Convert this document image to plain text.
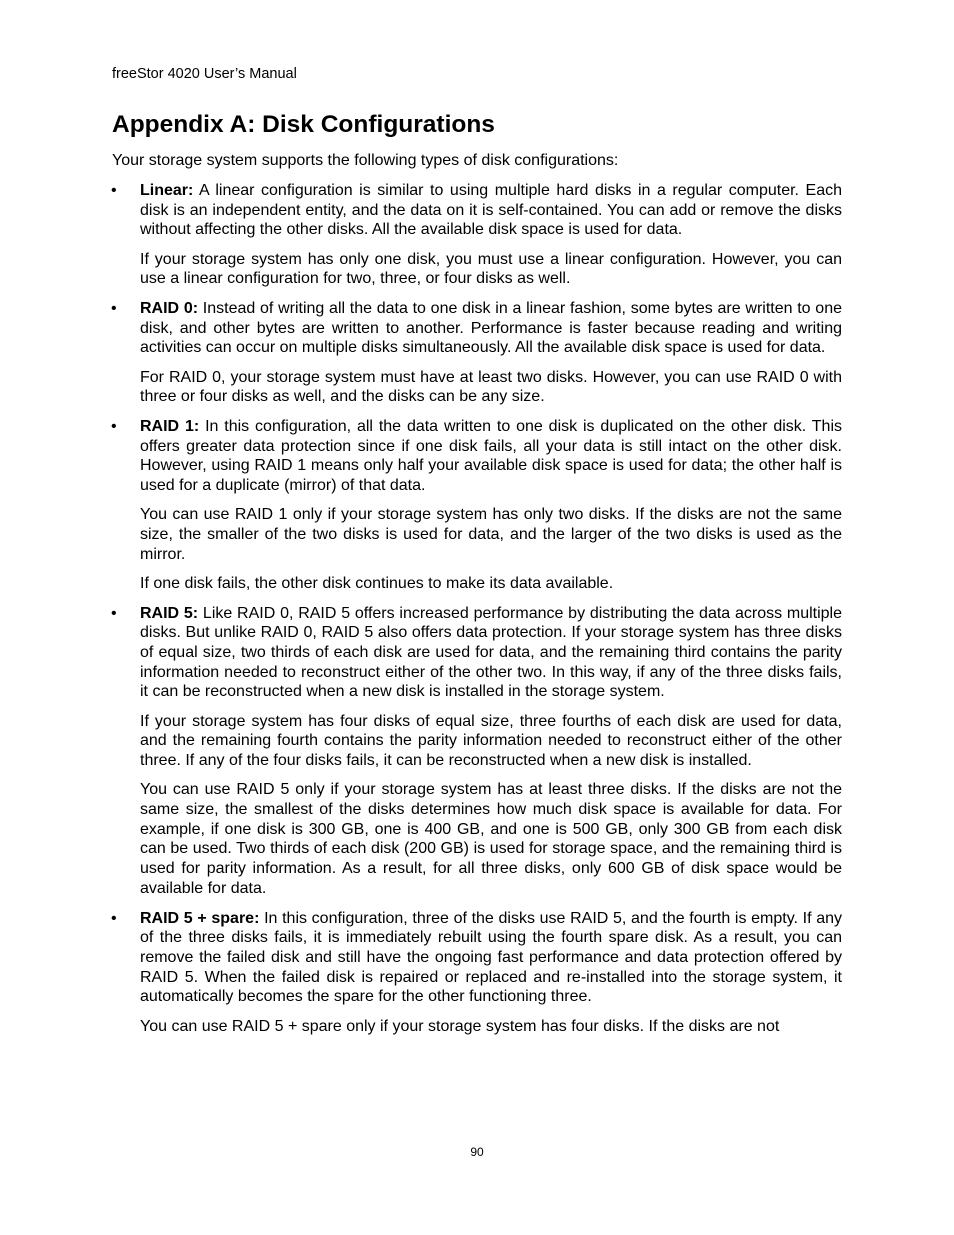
freeStor 4020 User’s Manual
Appendix A: Disk Configurations

Your storage system supports the following types of disk configurations:

• Linear: A linear configuration is similar to using multiple hard disks in a regular computer. Each disk is an independent entity, and the data on it is self-contained. You can add or remove the disks without affecting the other disks. All the available disk space is used for data.

If your storage system has only one disk, you must use a linear configuration. However, you can use a linear configuration for two, three, or four disks as well.

• RAID 0: Instead of writing all the data to one disk in a linear fashion, some bytes are written to one disk, and other bytes are written to another. Performance is faster because reading and writing activities can occur on multiple disks simultaneously. All the available disk space is used for data.

For RAID 0, your storage system must have at least two disks. However, you can use RAID 0 with three or four disks as well, and the disks can be any size.

• RAID 1: In this configuration, all the data written to one disk is duplicated on the other disk. This offers greater data protection since if one disk fails, all your data is still intact on the other disk. However, using RAID 1 means only half your available disk space is used for data; the other half is used for a duplicate (mirror) of that data.

You can use RAID 1 only if your storage system has only two disks. If the disks are not the same size, the smaller of the two disks is used for data, and the larger of the two disks is used as the mirror.

If one disk fails, the other disk continues to make its data available.

• RAID 5: Like RAID 0, RAID 5 offers increased performance by distributing the data across multiple disks. But unlike RAID 0, RAID 5 also offers data protection. If your storage system has three disks of equal size, two thirds of each disk are used for data, and the remaining third contains the parity information needed to reconstruct either of the other two. In this way, if any of the three disks fails, it can be reconstructed when a new disk is installed in the storage system.

If your storage system has four disks of equal size, three fourths of each disk are used for data, and the remaining fourth contains the parity information needed to reconstruct either of the other three. If any of the four disks fails, it can be reconstructed when a new disk is installed.

You can use RAID 5 only if your storage system has at least three disks. If the disks are not the same size, the smallest of the disks determines how much disk space is available for data. For example, if one disk is 300 GB, one is 400 GB, and one is 500 GB, only 300 GB from each disk can be used. Two thirds of each disk (200 GB) is used for storage space, and the remaining third is used for parity information. As a result, for all three disks, only 600 GB of disk space would be available for data.

• RAID 5 + spare: In this configuration, three of the disks use RAID 5, and the fourth is empty. If any of the three disks fails, it is immediately rebuilt using the fourth spare disk. As a result, you can remove the failed disk and still have the ongoing fast performance and data protection offered by RAID 5. When the failed disk is repaired or replaced and re-installed into the storage system, it automatically becomes the spare for the other functioning three.

You can use RAID 5 + spare only if your storage system has four disks. If the disks are not

90
